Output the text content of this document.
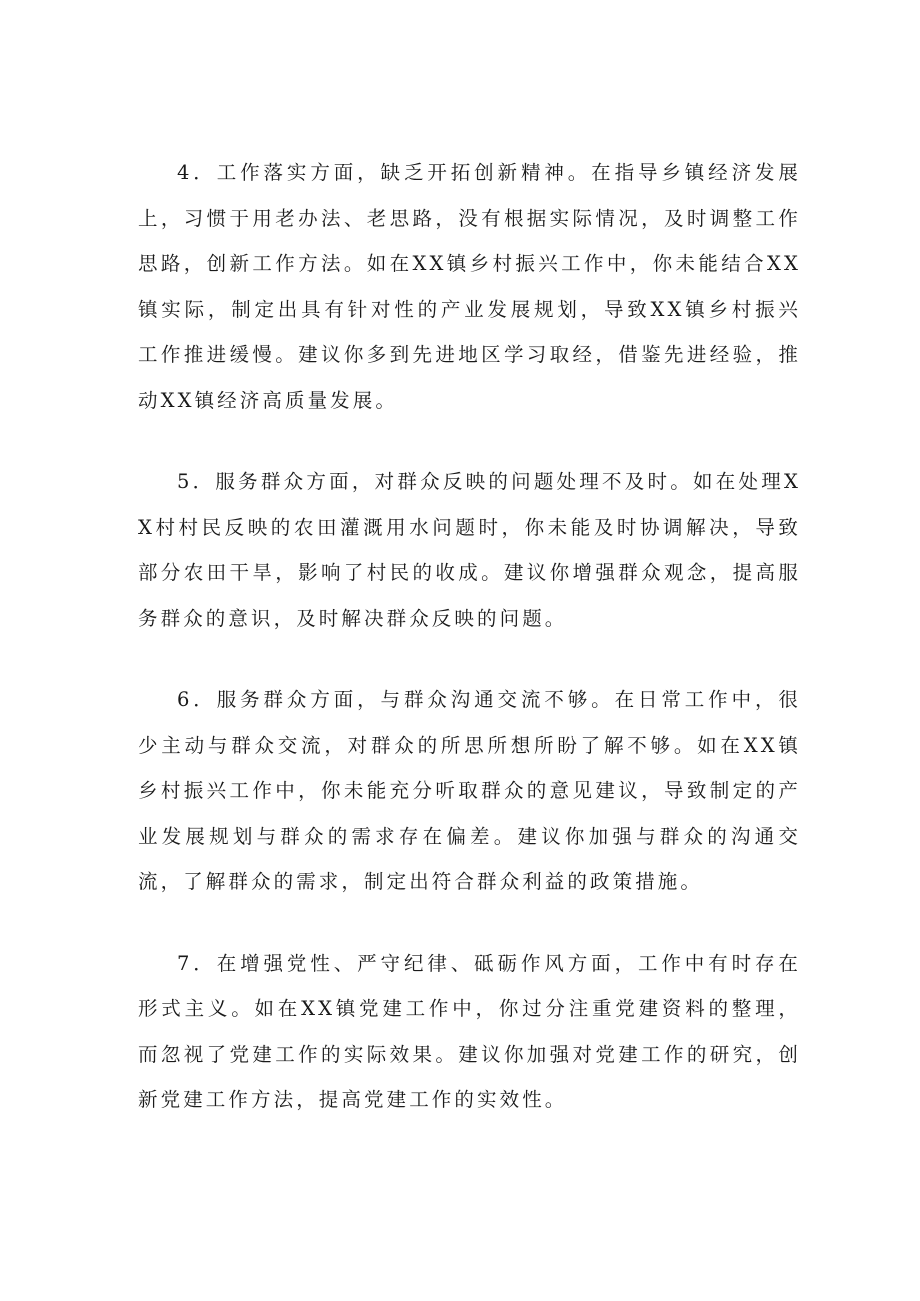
4．工作落实方面，缺乏开拓创新精神。在指导乡镇经济发展上，习惯于用老办法、老思路，没有根据实际情况，及时调整工作思路，创新工作方法。如在XX镇乡村振兴工作中，你未能结合XX镇实际，制定出具有针对性的产业发展规划，导致XX镇乡村振兴工作推进缓慢。建议你多到先进地区学习取经，借鉴先进经验，推动XX镇经济高质量发展。

5．服务群众方面，对群众反映的问题处理不及时。如在处理XX村村民反映的农田灌溉用水问题时，你未能及时协调解决，导致部分农田干旱，影响了村民的收成。建议你增强群众观念，提高服务群众的意识，及时解决群众反映的问题。

6．服务群众方面，与群众沟通交流不够。在日常工作中，很少主动与群众交流，对群众的所思所想所盼了解不够。如在XX镇乡村振兴工作中，你未能充分听取群众的意见建议，导致制定的产业发展规划与群众的需求存在偏差。建议你加强与群众的沟通交流，了解群众的需求，制定出符合群众利益的政策措施。

7．在增强党性、严守纪律、砥砺作风方面，工作中有时存在形式主义。如在XX镇党建工作中，你过分注重党建资料的整理，而忽视了党建工作的实际效果。建议你加强对党建工作的研究，创新党建工作方法，提高党建工作的实效性。
